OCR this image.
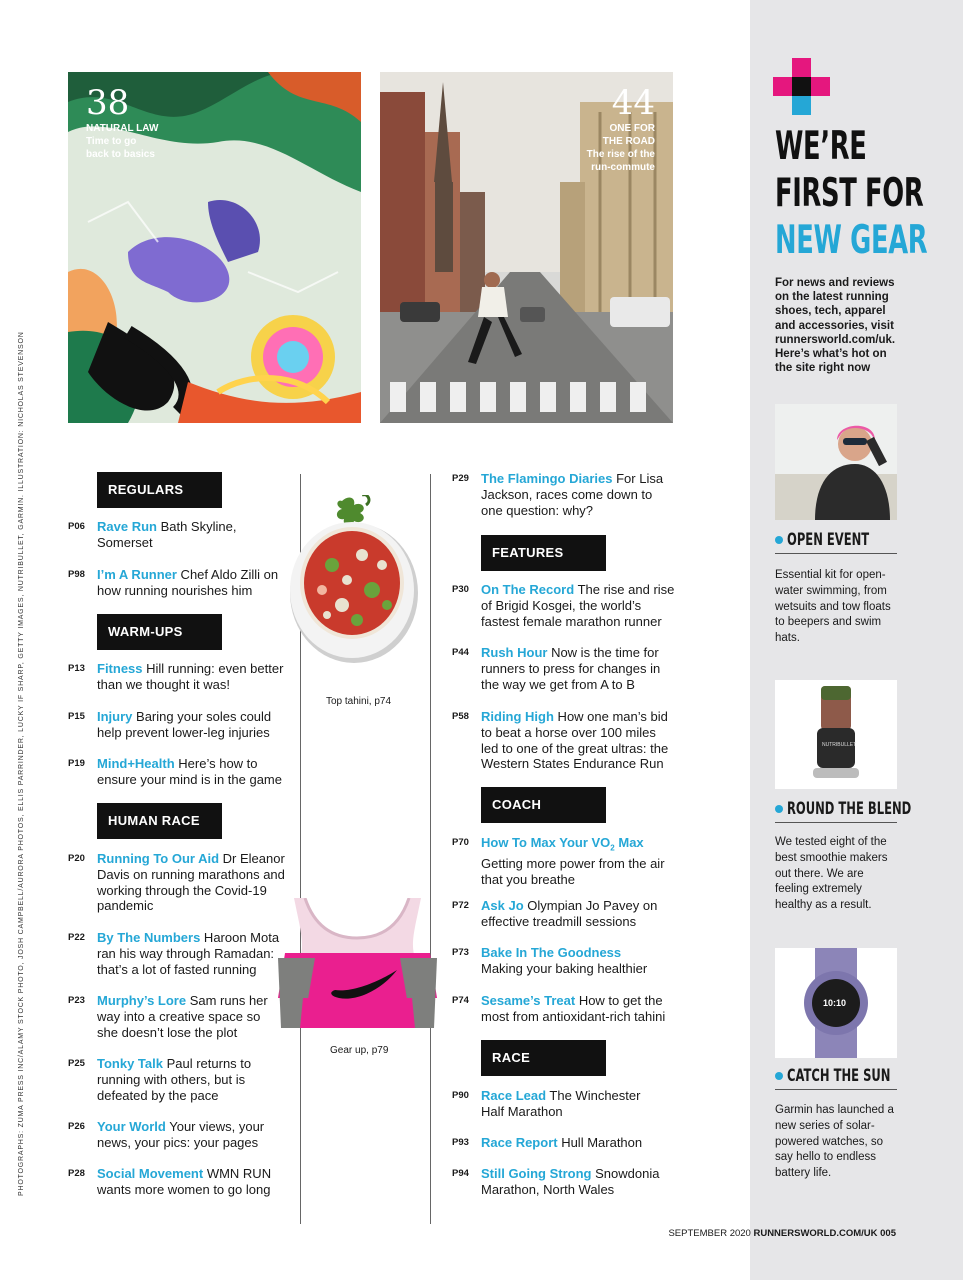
38
NATURAL LAW
Time to go
back to basics
44
ONE FOR
THE ROAD
The rise of the
run-commute
REGULARS
P06 Rave Run Bath Skyline, Somerset

P98 I’m A Runner Chef Aldo Zilli on how running nourishes him

WARM-UPS
P13 Fitness Hill running: even better than we thought it was!

P15 Injury Baring your soles could help prevent lower-leg injuries

P19 Mind+Health Here’s how to ensure your mind is in the game

HUMAN RACE
P20 Running To Our Aid Dr Eleanor Davis on running marathons and working through the Covid-19 pandemic

P22 By The Numbers Haroon Mota ran his way through Ramadan: that’s a lot of fasted running

P23 Murphy’s Lore Sam runs her way into a creative space so she doesn’t lose the plot

P25 Tonky Talk Paul returns to running with others, but is defeated by the pace

P26 Your World Your views, your news, your pics: your pages

P28 Social Movement WMN RUN wants more women to go long

Top tahini, p74
Gear up, p79
P29 The Flamingo Diaries For Lisa Jackson, races come down to one question: why?

FEATURES
P30 On The Record The rise and rise of Brigid Kosgei, the world’s fastest female marathon runner

P44 Rush Hour Now is the time for runners to press for changes in the way we get from A to B

P58 Riding High How one man’s bid to beat a horse over 100 miles led to one of the great ultras: the Western States Endurance Run

COACH
P70 How To Max Your $VO_2$ Max
Getting more power from the air that you breathe

P72 Ask Jo Olympian Jo Pavey on effective treadmill sessions

P73 Bake In The Goodness
Making your baking healthier

P74 Sesame’s Treat How to get the most from antioxidant-rich tahini

RACE
P90 Race Lead The Winchester Half Marathon

P93 Race Report Hull Marathon

P94 Still Going Strong Snowdonia Marathon, North Wales

WE’RE
FIRST FOR
NEW GEAR
For news and reviews on the latest running shoes, tech, apparel and accessories, visit runnersworld.com/uk. Here’s what’s hot on the site right now
OPEN EVENT
Essential kit for open-water swimming, from wetsuits and tow floats to beepers and swim hats.
NUTRIBULLET
ROUND THE BLEND
We tested eight of the best smoothie makers out there. We are feeling extremely healthy as a result.
10:10
CATCH THE SUN
Garmin has launched a new series of solar-powered watches, so say hello to endless battery life.
PHOTOGRAPHS: ZUMA PRESS INC/ALAMY STOCK PHOTO, JOSH CAMPBELL/AURORA PHOTOS, ELLIS PARRINDER, LUCKY IF SHARP, GETTY IMAGES, NUTRIBULLET, GARMIN. ILLUSTRATION: NICHOLAS STEVENSON
SEPTEMBER 2020 RUNNERSWORLD.COM/UK 005
